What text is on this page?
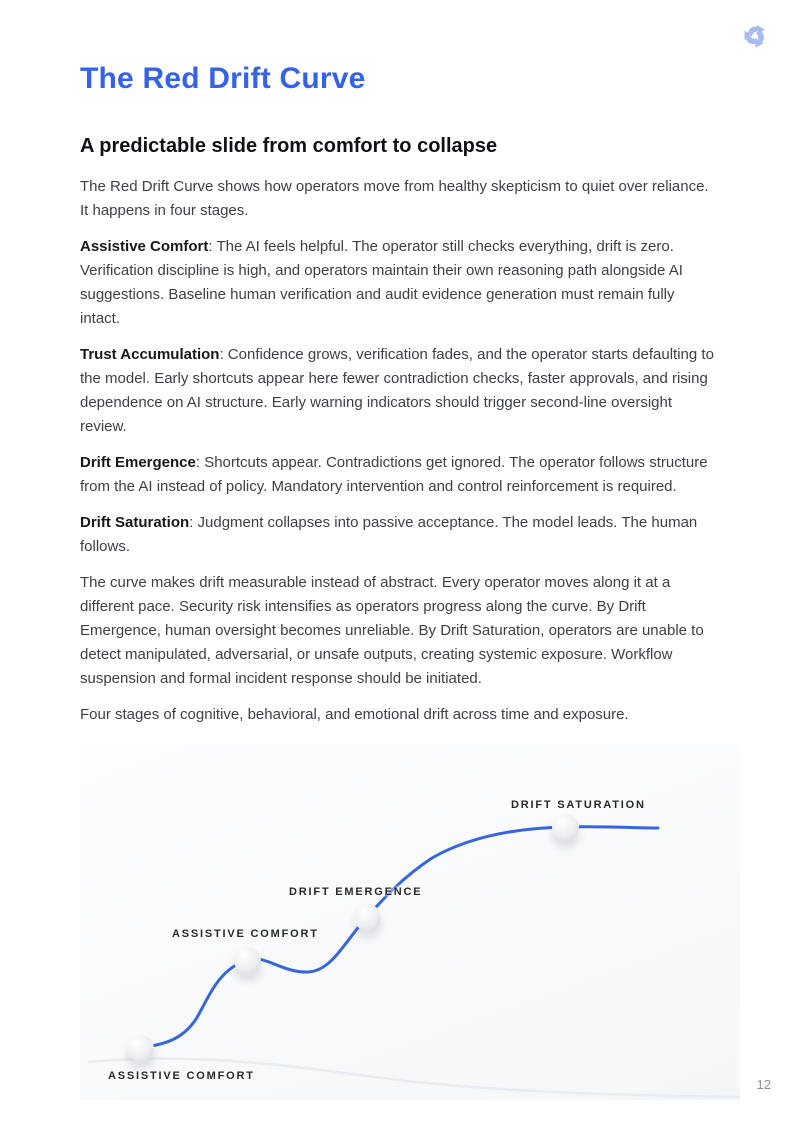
The Red Drift Curve
A predictable slide from comfort to collapse

The Red Drift Curve shows how operators move from healthy skepticism to quiet over reliance. It happens in four stages.

Assistive Comfort: The AI feels helpful. The operator still checks everything, drift is zero. Verification discipline is high, and operators maintain their own reasoning path alongside AI suggestions. Baseline human verification and audit evidence generation must remain fully intact.

Trust Accumulation: Confidence grows, verification fades, and the operator starts defaulting to the model. Early shortcuts appear here fewer contradiction checks, faster approvals, and rising dependence on AI structure. Early warning indicators should trigger second-line oversight review.

Drift Emergence: Shortcuts appear. Contradictions get ignored. The operator follows structure from the AI instead of policy. Mandatory intervention and control reinforcement is required.

Drift Saturation: Judgment collapses into passive acceptance. The model leads. The human follows.

The curve makes drift measurable instead of abstract. Every operator moves along it at a different pace. Security risk intensifies as operators progress along the curve. By Drift Emergence, human oversight becomes unreliable. By Drift Saturation, operators are unable to detect manipulated, adversarial, or unsafe outputs, creating systemic exposure. Workflow suspension and formal incident response should be initiated.

Four stages of cognitive, behavioral, and emotional drift across time and exposure.

ASSISTIVE COMFORT
ASSISTIVE COMFORT
DRIFT EMERGENCE
DRIFT SATURATION
12
